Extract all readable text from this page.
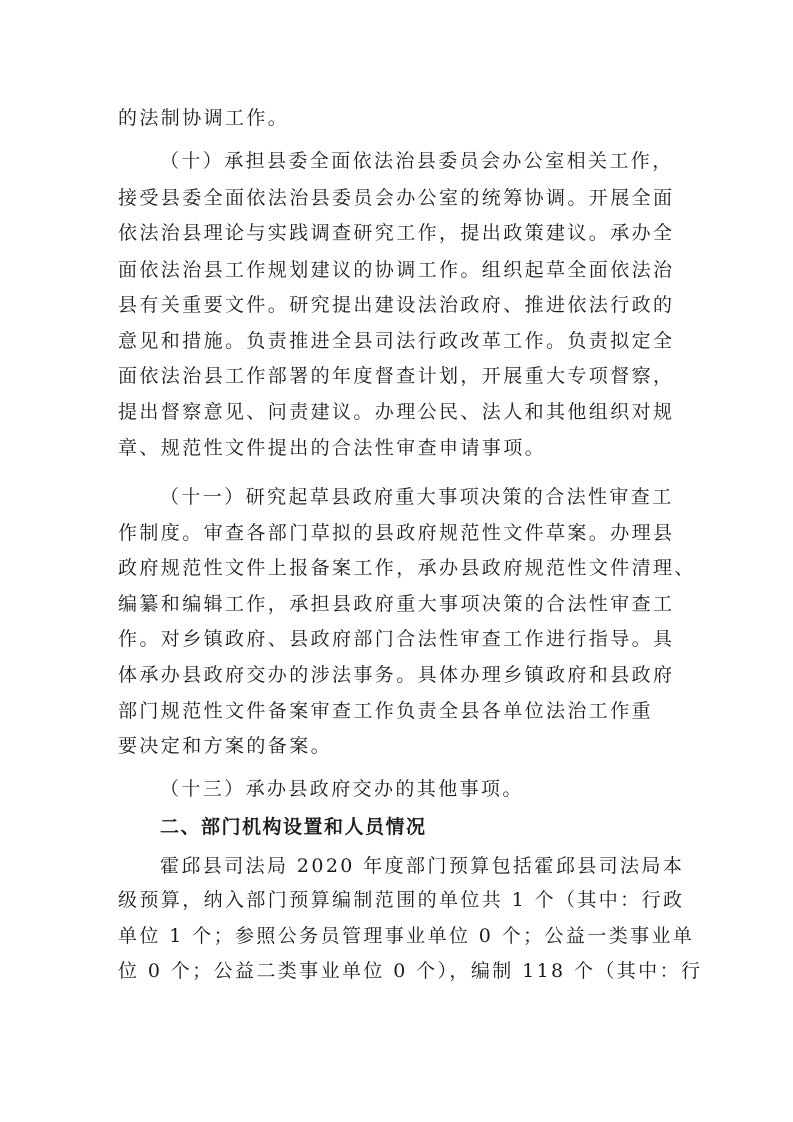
的法制协调工作。
（十）承担县委全面依法治县委员会办公室相关工作，
接受县委全面依法治县委员会办公室的统筹协调。开展全面
依法治县理论与实践调查研究工作，提出政策建议。承办全
面依法治县工作规划建议的协调工作。组织起草全面依法治
县有关重要文件。研究提出建设法治政府、推进依法行政的
意见和措施。负责推进全县司法行政改革工作。负责拟定全
面依法治县工作部署的年度督查计划，开展重大专项督察，
提出督察意见、问责建议。办理公民、法人和其他组织对规
章、规范性文件提出的合法性审查申请事项。
（十一）研究起草县政府重大事项决策的合法性审查工
作制度。审查各部门草拟的县政府规范性文件草案。办理县
政府规范性文件上报备案工作，承办县政府规范性文件清理、
编纂和编辑工作，承担县政府重大事项决策的合法性审查工
作。对乡镇政府、县政府部门合法性审查工作进行指导。具
体承办县政府交办的涉法事务。具体办理乡镇政府和县政府
部门规范性文件备案审查工作负责全县各单位法治工作重
要决定和方案的备案。
（十三）承办县政府交办的其他事项。
二、部门机构设置和人员情况
霍邱县司法局 2020 年度部门预算包括霍邱县司法局本
级预算，纳入部门预算编制范围的单位共 1 个（其中：行政
单位 1 个；参照公务员管理事业单位 0 个；公益一类事业单
位 0 个；公益二类事业单位 0 个），编制 118 个（其中：行
